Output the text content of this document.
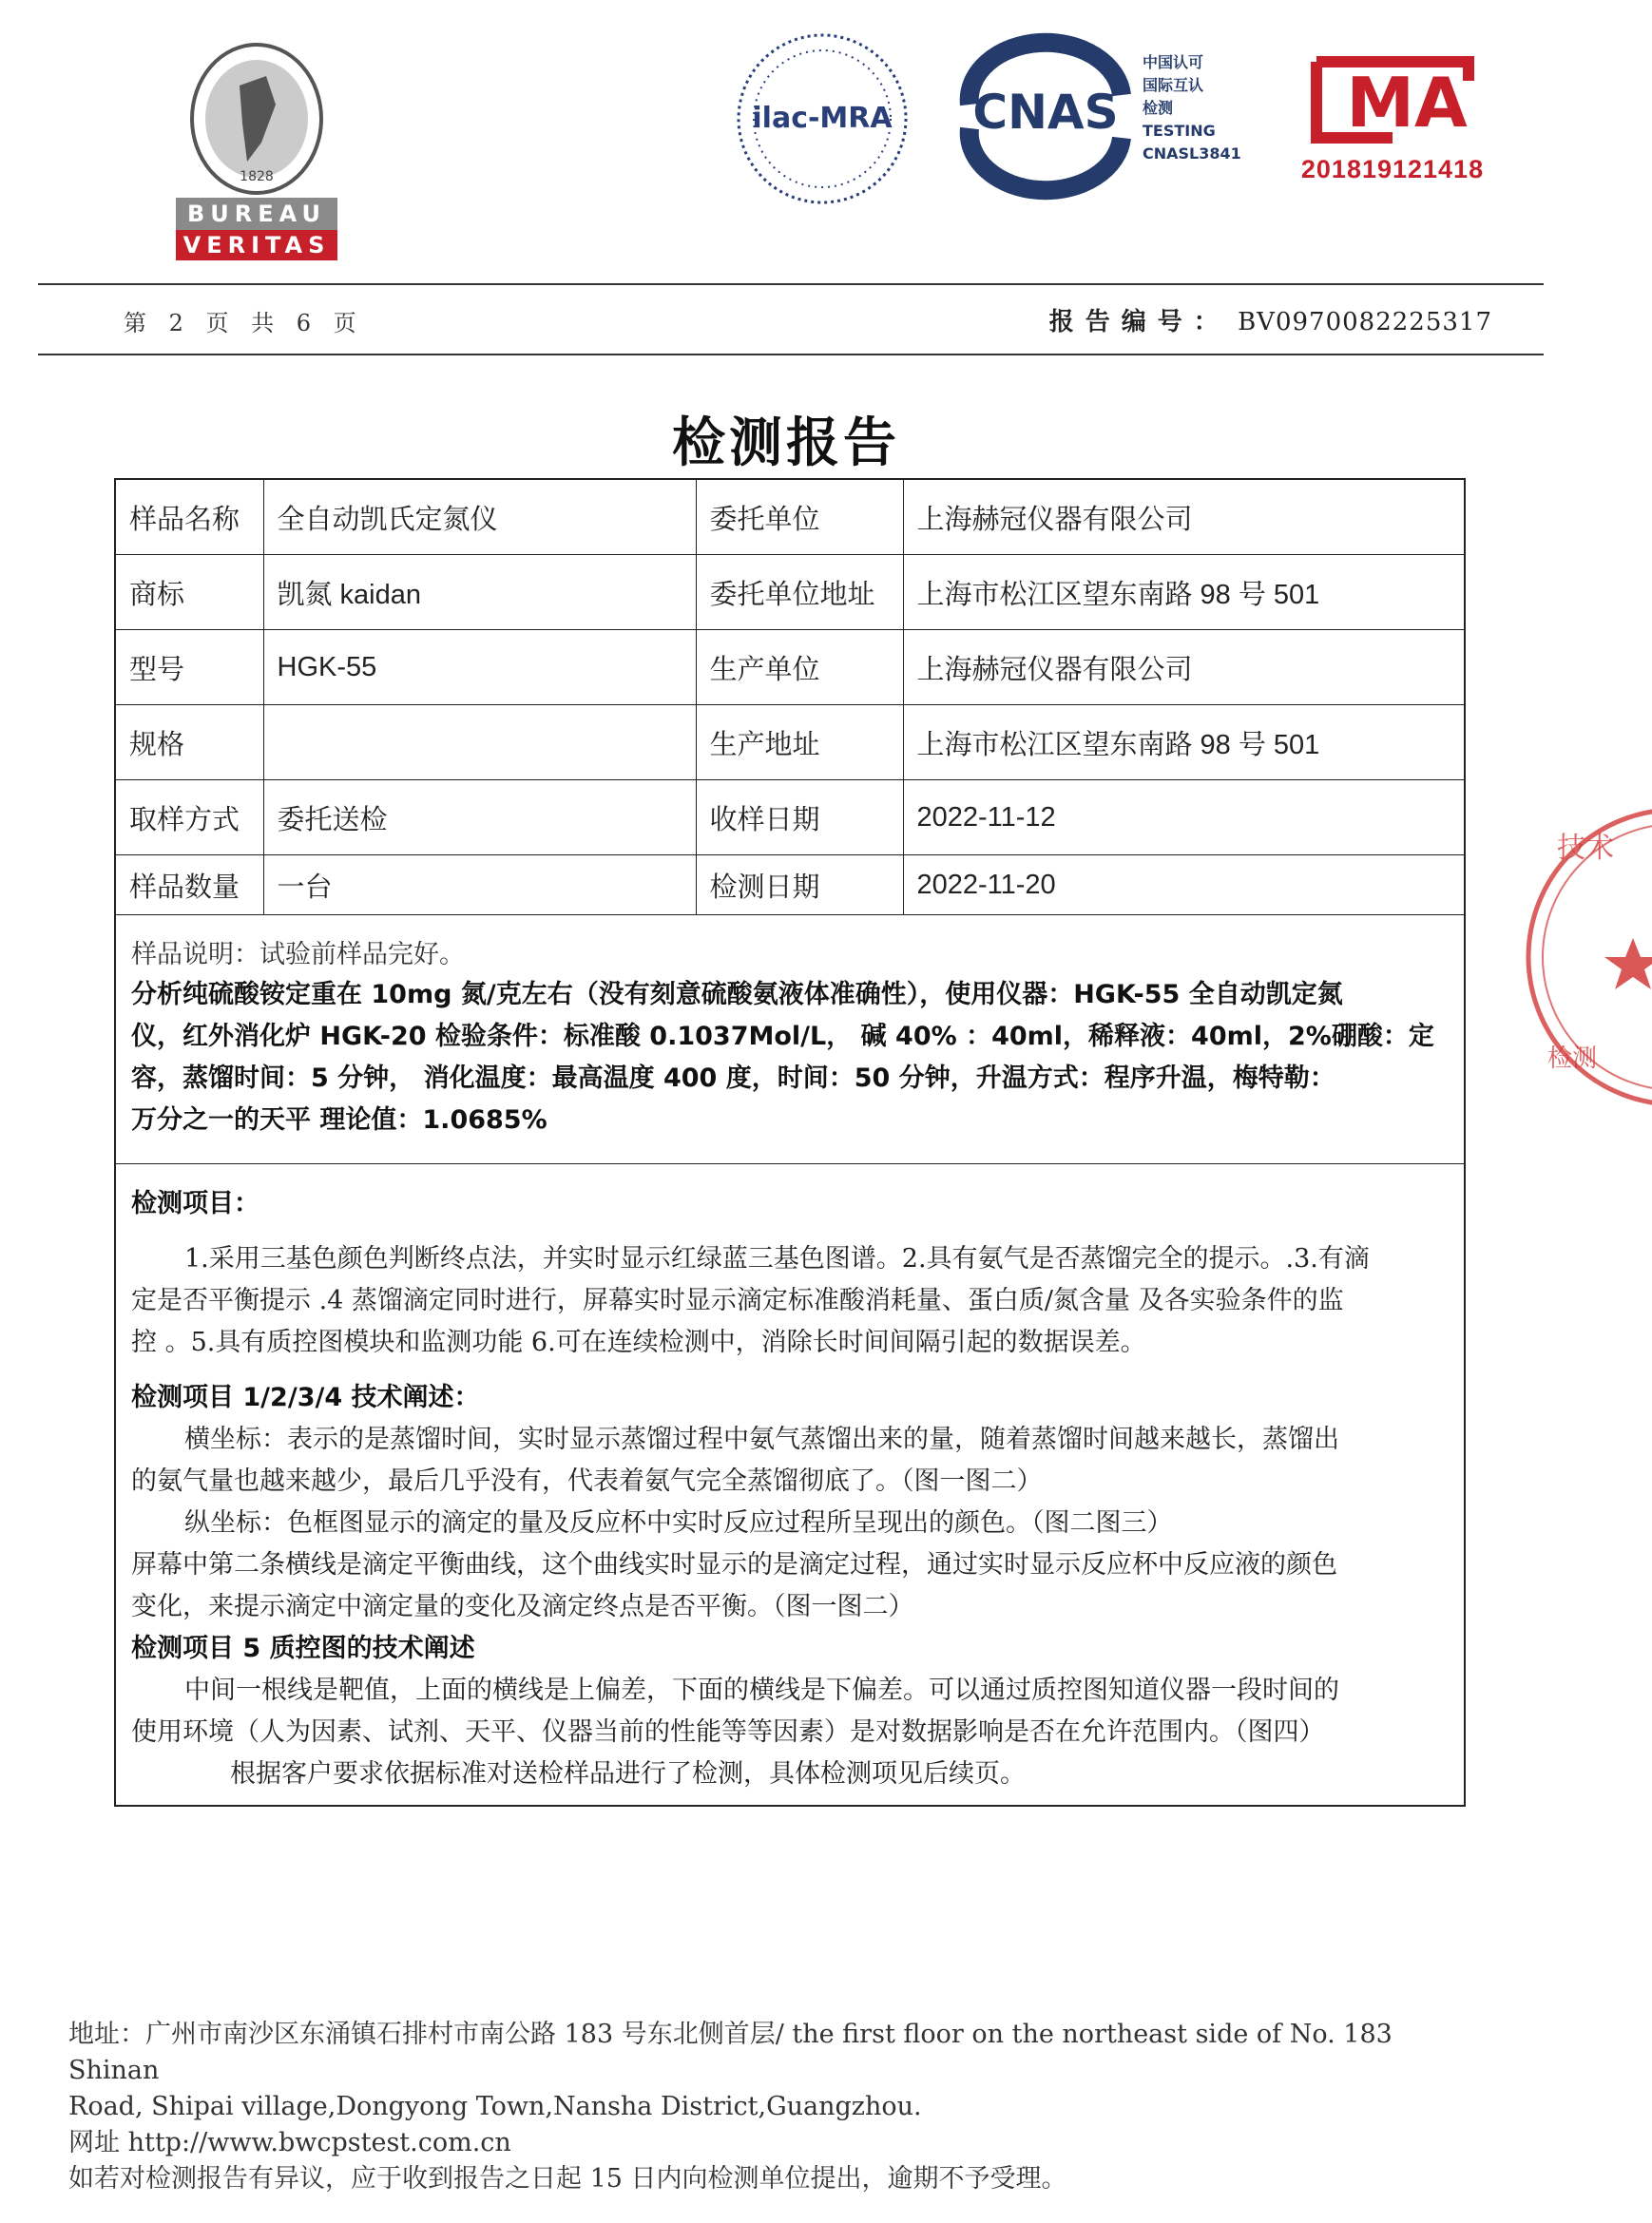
1828
BUREAU
VERITAS
ilac-MRA CNAS
中国认可
国际互认
检测
TESTING
CNASL3841
MA
201819121418
第 2 页 共 6 页	报告编号： BV0970082225317
检测报告
样品名称	全自动凯氏定氮仪	委托单位	上海赫冠仪器有限公司
商标	凯氮 kaidan	委托单位地址	上海市松江区望东南路 98 号 501
型号	HGK-55	生产单位	上海赫冠仪器有限公司
规格		生产地址	上海市松江区望东南路 98 号 501
取样方式	委托送检	收样日期	2022-11-12
样品数量	一台	检测日期	2022-11-20
样品说明：试验前样品完好。
分析纯硫酸铵定重在 10mg 氮/克左右（没有刻意硫酸氨液体准确性），使用仪器：HGK-55 全自动凯定氮
仪，红外消化炉 HGK-20 检验条件：标准酸 0.1037Mol/L， 碱 40% ：40ml，稀释液：40ml，2%硼酸：定
容，蒸馏时间：5 分钟， 消化温度：最高温度 400 度，时间：50 分钟，升温方式：程序升温，梅特勒：
万分之一的天平 理论值：1.0685%
检测项目：

1.采用三基色颜色判断终点法，并实时显示红绿蓝三基色图谱。2.具有氨气是否蒸馏完全的提示。.3.有滴

定是否平衡提示 .4 蒸馏滴定同时进行，屏幕实时显示滴定标准酸消耗量、蛋白质/氮含量 及各实验条件的监

控 。5.具有质控图模块和监测功能 6.可在连续检测中，消除长时间间隔引起的数据误差。

检测项目 1/2/3/4 技术阐述：

横坐标：表示的是蒸馏时间，实时显示蒸馏过程中氨气蒸馏出来的量，随着蒸馏时间越来越长，蒸馏出

的氨气量也越来越少，最后几乎没有，代表着氨气完全蒸馏彻底了。（图一图二）

纵坐标：色框图显示的滴定的量及反应杯中实时反应过程所呈现出的颜色。（图二图三）

屏幕中第二条横线是滴定平衡曲线，这个曲线实时显示的是滴定过程，通过实时显示反应杯中反应液的颜色

变化，来提示滴定中滴定量的变化及滴定终点是否平衡。（图一图二）

检测项目 5 质控图的技术阐述

中间一根线是靶值，上面的横线是上偏差，下面的横线是下偏差。可以通过质控图知道仪器一段时间的

使用环境（人为因素、试剂、天平、仪器当前的性能等等因素）是对数据影响是否在允许范围内。（图四）

根据客户要求依据标准对送检样品进行了检测，具体检测项见后续页。

技术
检测
地址：广州市南沙区东涌镇石排村市南公路 183 号东北侧首层/ the first floor on the northeast side of No. 183
Shinan
Road, Shipai village,Dongyong Town,Nansha District,Guangzhou.
网址 http://www.bwcpstest.com.cn
如若对检测报告有异议，应于收到报告之日起 15 日内向检测单位提出，逾期不予受理。
